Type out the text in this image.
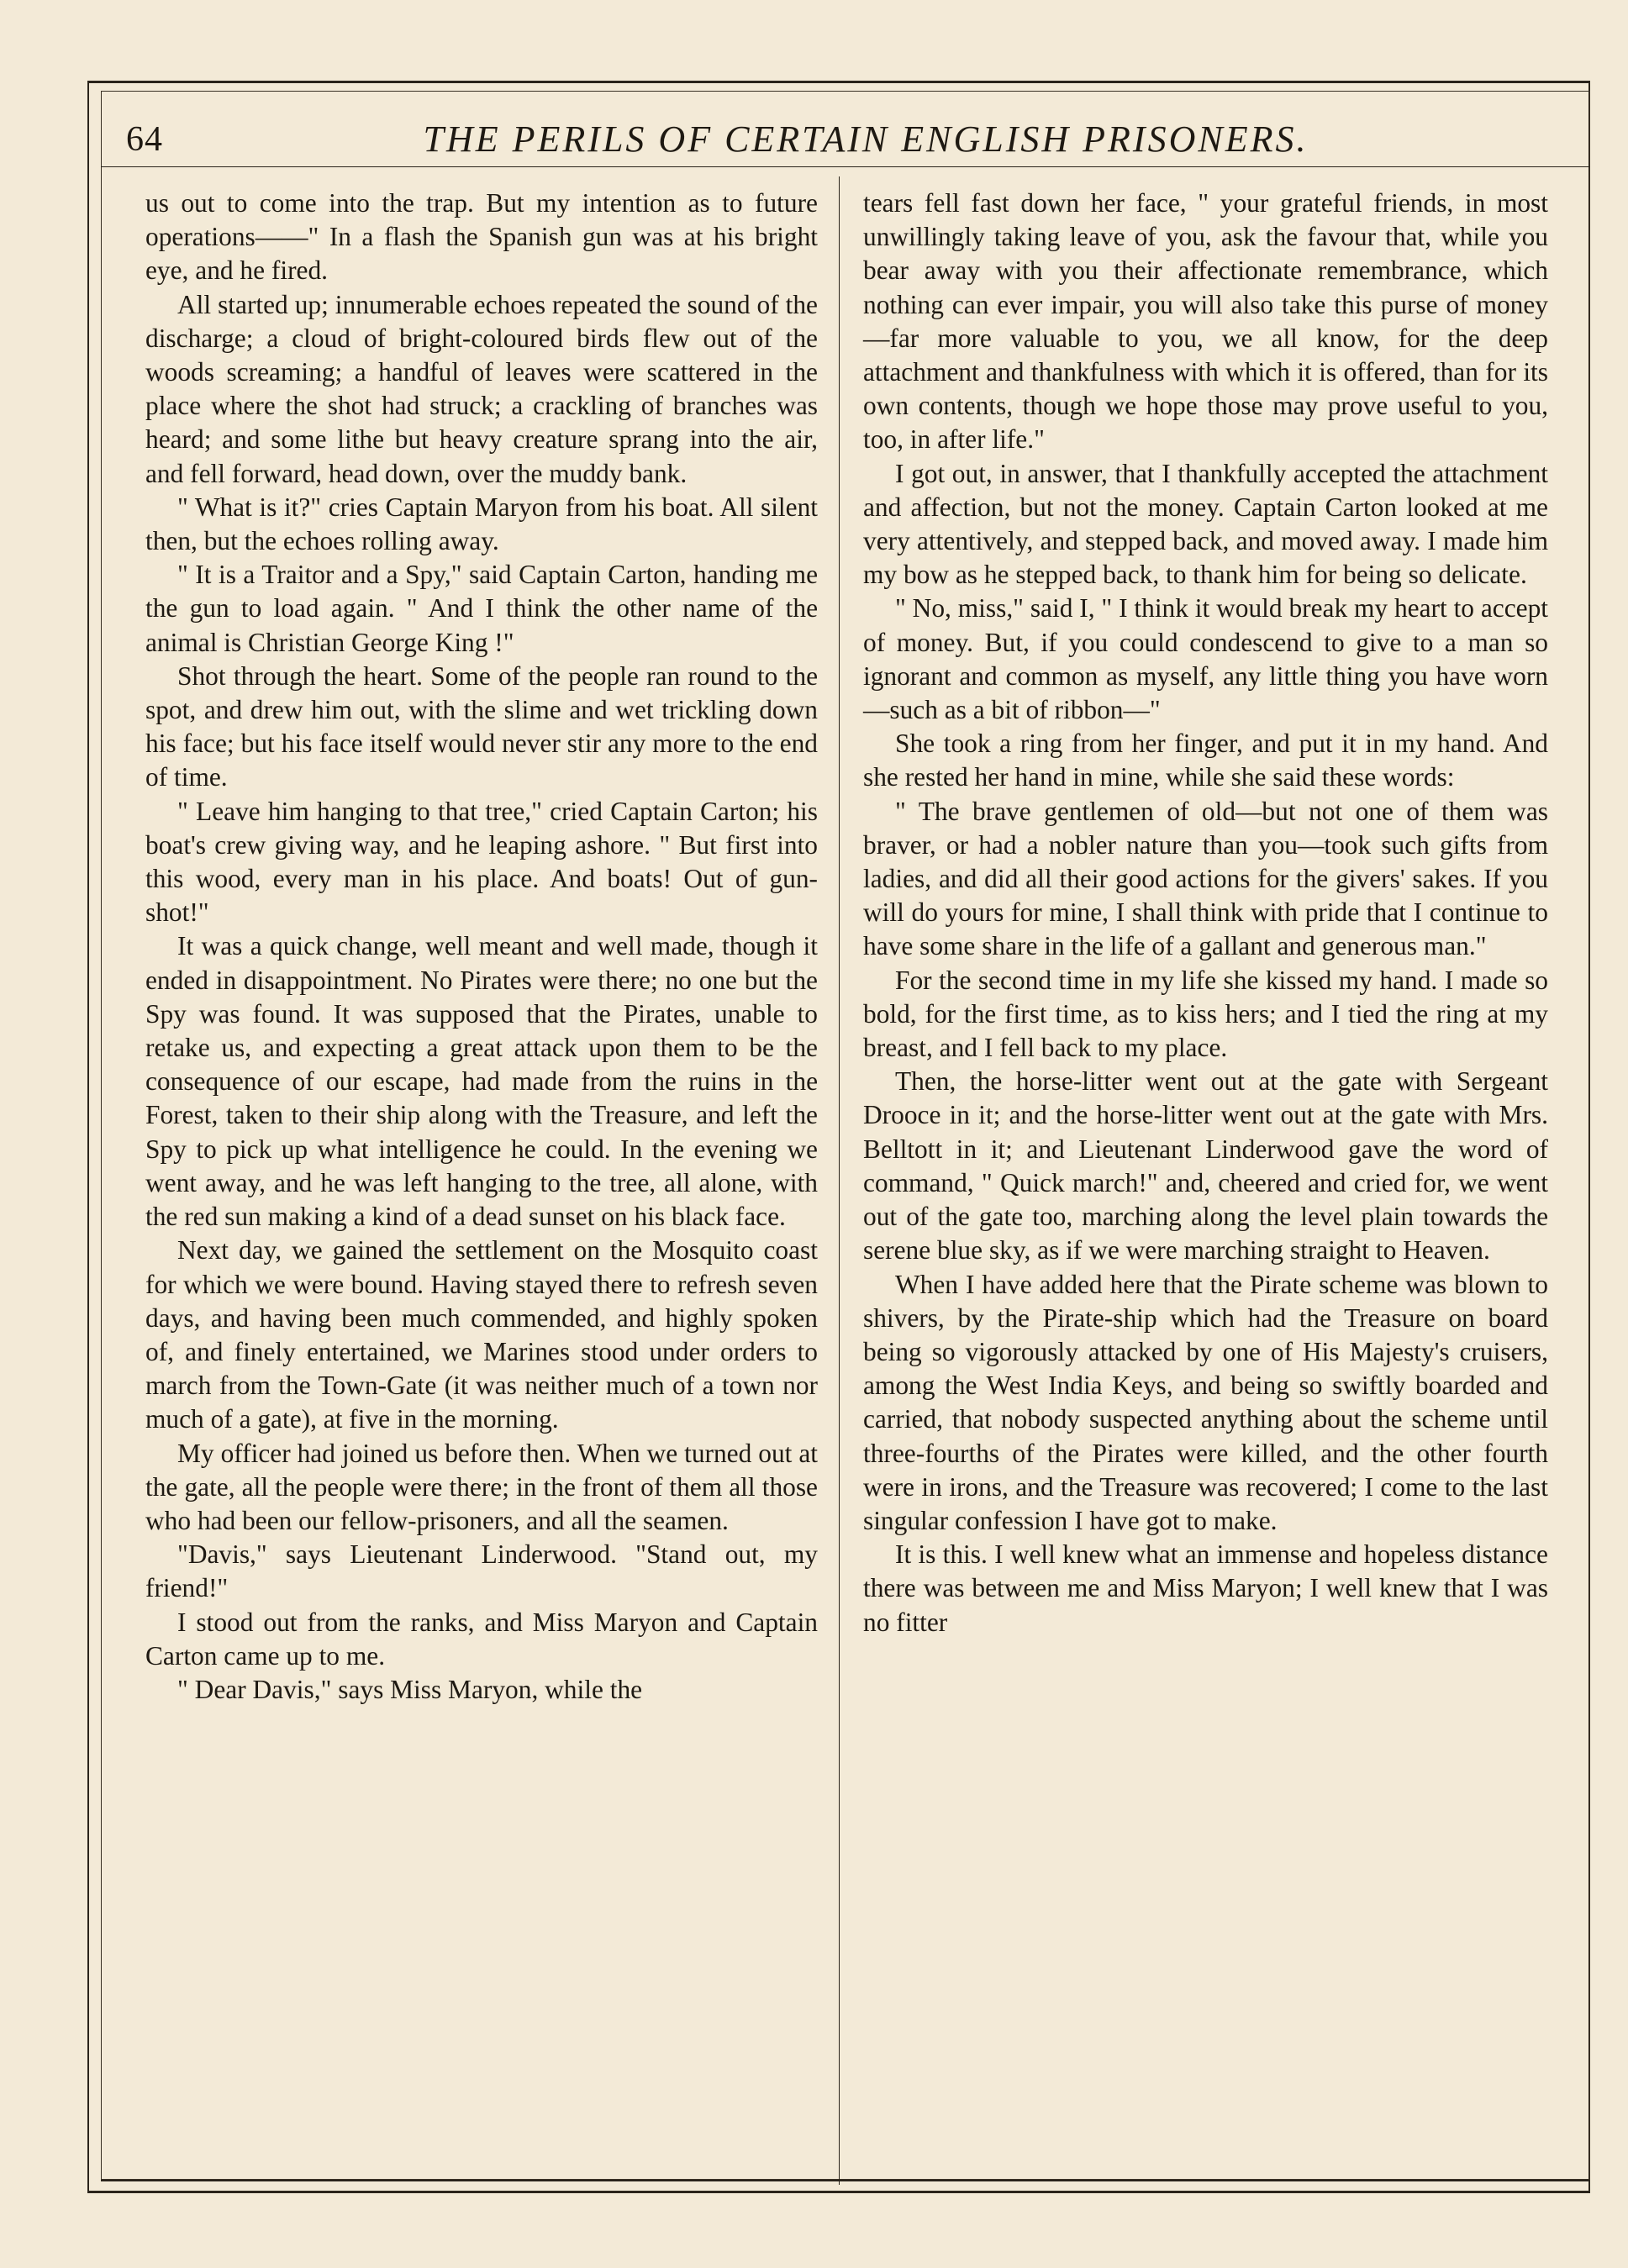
64	THE PERILS OF CERTAIN ENGLISH PRISONERS.

us out to come into the trap. But my intention as to future operations——" In a flash the Spanish gun was at his bright eye, and he fired.

All started up; innumerable echoes repeated the sound of the discharge; a cloud of bright-coloured birds flew out of the woods screaming; a handful of leaves were scattered in the place where the shot had struck; a crackling of branches was heard; and some lithe but heavy creature sprang into the air, and fell forward, head down, over the muddy bank.

" What is it?" cries Captain Maryon from his boat. All silent then, but the echoes rolling away.

" It is a Traitor and a Spy," said Captain Carton, handing me the gun to load again. " And I think the other name of the animal is Christian George King !"

Shot through the heart. Some of the people ran round to the spot, and drew him out, with the slime and wet trickling down his face; but his face itself would never stir any more to the end of time.

" Leave him hanging to that tree," cried Captain Carton; his boat's crew giving way, and he leaping ashore. " But first into this wood, every man in his place. And boats! Out of gun-shot!"

It was a quick change, well meant and well made, though it ended in disappointment. No Pirates were there; no one but the Spy was found. It was supposed that the Pirates, unable to retake us, and expecting a great attack upon them to be the consequence of our escape, had made from the ruins in the Forest, taken to their ship along with the Treasure, and left the Spy to pick up what intelligence he could. In the evening we went away, and he was left hanging to the tree, all alone, with the red sun making a kind of a dead sunset on his black face.

Next day, we gained the settlement on the Mosquito coast for which we were bound. Having stayed there to refresh seven days, and having been much commended, and highly spoken of, and finely entertained, we Marines stood under orders to march from the Town-Gate (it was neither much of a town nor much of a gate), at five in the morning.

My officer had joined us before then. When we turned out at the gate, all the people were there; in the front of them all those who had been our fellow-prisoners, and all the seamen.

"Davis," says Lieutenant Linderwood. "Stand out, my friend!"

I stood out from the ranks, and Miss Maryon and Captain Carton came up to me.

" Dear Davis," says Miss Maryon, while the

tears fell fast down her face, " your grateful friends, in most unwillingly taking leave of you, ask the favour that, while you bear away with you their affectionate remembrance, which nothing can ever impair, you will also take this purse of money—far more valuable to you, we all know, for the deep attachment and thankfulness with which it is offered, than for its own contents, though we hope those may prove useful to you, too, in after life."

I got out, in answer, that I thankfully accepted the attachment and affection, but not the money. Captain Carton looked at me very attentively, and stepped back, and moved away. I made him my bow as he stepped back, to thank him for being so delicate.

" No, miss," said I, " I think it would break my heart to accept of money. But, if you could condescend to give to a man so ignorant and common as myself, any little thing you have worn—such as a bit of ribbon—"

She took a ring from her finger, and put it in my hand. And she rested her hand in mine, while she said these words:

" The brave gentlemen of old—but not one of them was braver, or had a nobler nature than you—took such gifts from ladies, and did all their good actions for the givers' sakes. If you will do yours for mine, I shall think with pride that I continue to have some share in the life of a gallant and generous man."

For the second time in my life she kissed my hand. I made so bold, for the first time, as to kiss hers; and I tied the ring at my breast, and I fell back to my place.

Then, the horse-litter went out at the gate with Sergeant Drooce in it; and the horse-litter went out at the gate with Mrs. Belltott in it; and Lieutenant Linderwood gave the word of command, " Quick march!" and, cheered and cried for, we went out of the gate too, marching along the level plain towards the serene blue sky, as if we were marching straight to Heaven.

When I have added here that the Pirate scheme was blown to shivers, by the Pirate-ship which had the Treasure on board being so vigorously attacked by one of His Majesty's cruisers, among the West India Keys, and being so swiftly boarded and carried, that nobody suspected anything about the scheme until three-fourths of the Pirates were killed, and the other fourth were in irons, and the Treasure was recovered; I come to the last singular confession I have got to make.

It is this. I well knew what an immense and hopeless distance there was between me and Miss Maryon; I well knew that I was no fitter
